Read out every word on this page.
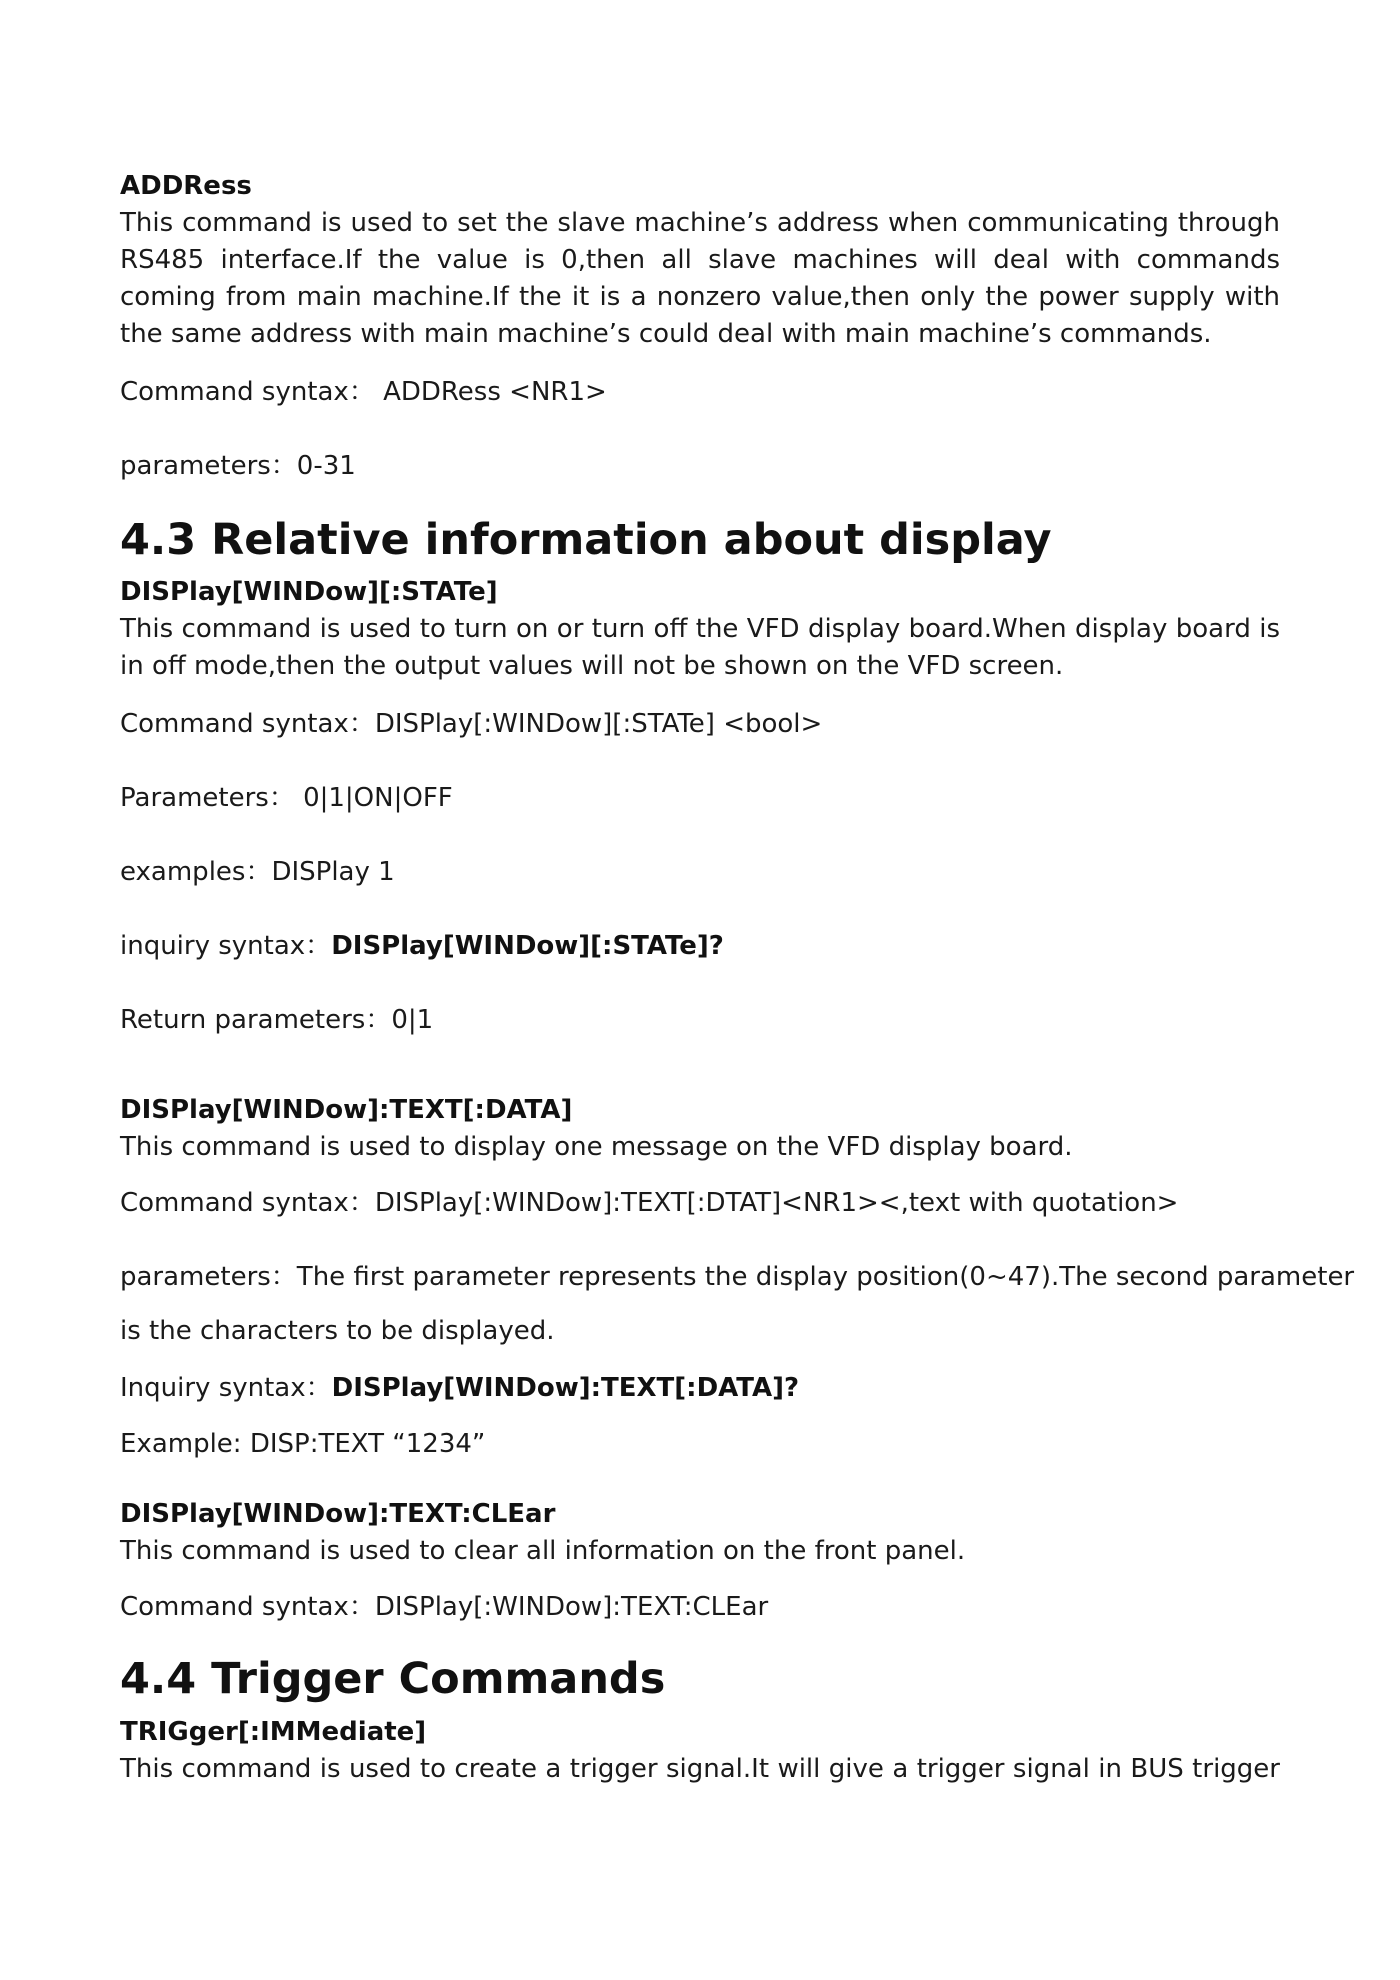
ADDRess
This command is used to set the slave machine’s address when communicating through RS485 interface.If the value is 0,then all slave machines will deal with commands coming from main machine.If the it is a nonzero value,then only the power supply with the same address with main machine’s could deal with main machine’s commands.
Command syntax： ADDRess <NR1>
parameters：0-31
4.3 Relative information about display
DISPlay[WINDow][:STATe]
This command is used to turn on or turn off the VFD display board.When display board is in off mode,then the output values will not be shown on the VFD screen.
Command syntax：DISPlay[:WINDow][:STATe] <bool>
Parameters： 0|1|ON|OFF
examples：DISPlay 1
inquiry syntax：DISPlay[WINDow][:STATe]?
Return parameters：0|1
DISPlay[WINDow]:TEXT[:DATA]
This command is used to display one message on the VFD display board.
Command syntax：DISPlay[:WINDow]:TEXT[:DTAT]<NR1><,text with quotation>
parameters：The first parameter represents the display position(0~47).The second parameter
is the characters to be displayed.
Inquiry syntax：DISPlay[WINDow]:TEXT[:DATA]?
Example: DISP:TEXT “1234”
DISPlay[WINDow]:TEXT:CLEar
This command is used to clear all information on the front panel.
Command syntax：DISPlay[:WINDow]:TEXT:CLEar
4.4 Trigger Commands
TRIGger[:IMMediate]
This command is used to create a trigger signal.It will give a trigger signal in BUS trigger
